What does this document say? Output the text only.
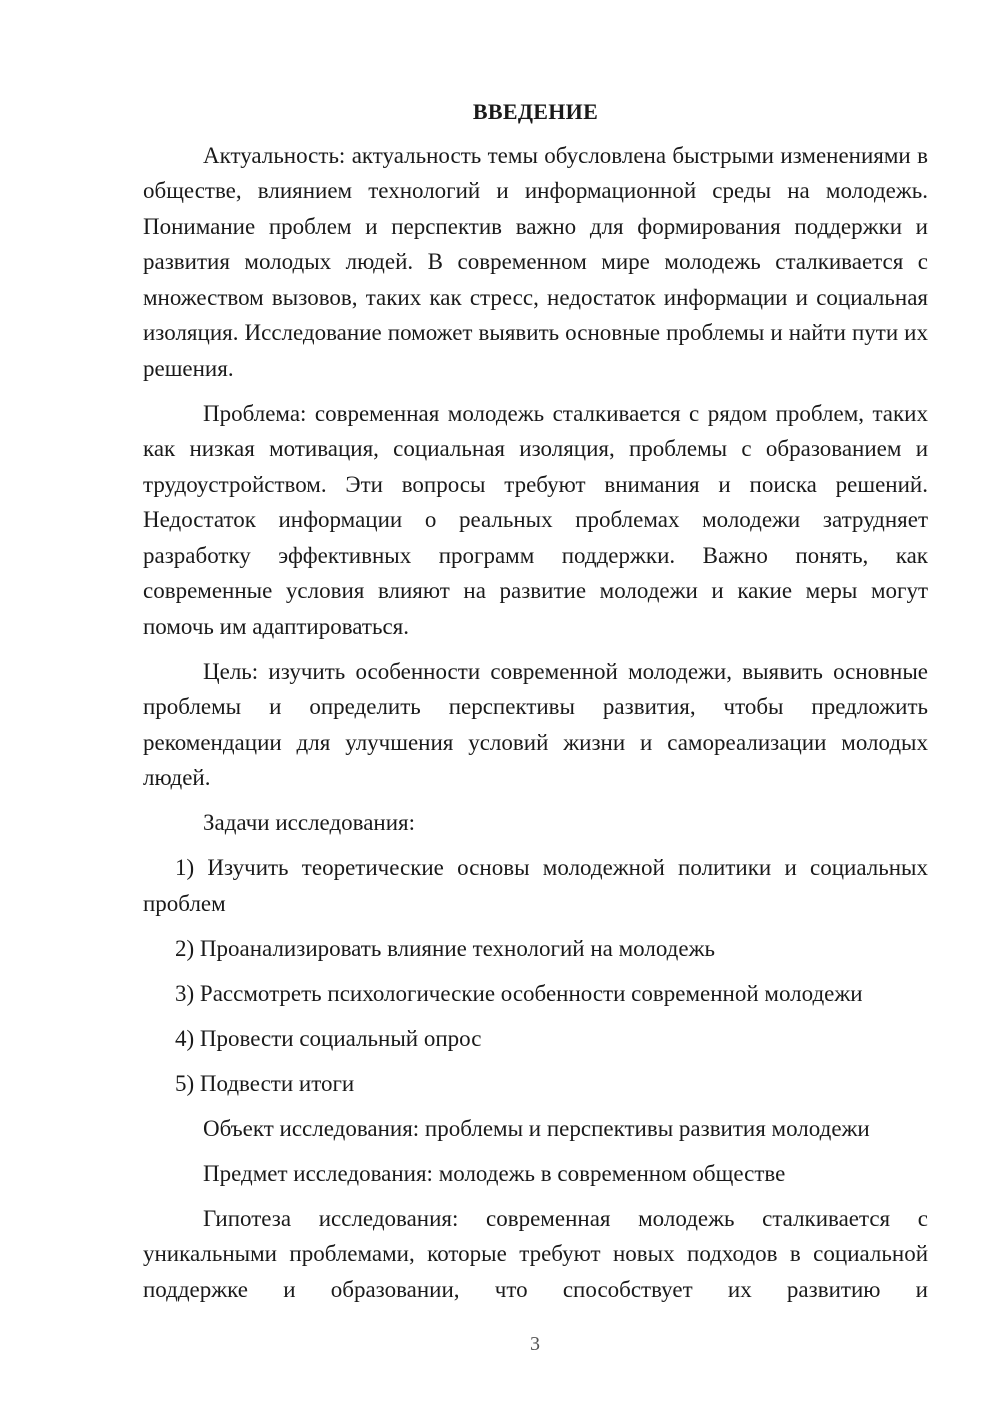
ВВЕДЕНИЕ
Актуальность: актуальность темы обусловлена быстрыми изменениями в обществе, влиянием технологий и информационной среды на молодежь. Понимание проблем и перспектив важно для формирования поддержки и развития молодых людей. В современном мире молодежь сталкивается с множеством вызовов, таких как стресс, недостаток информации и социальная изоляция. Исследование поможет выявить основные проблемы и найти пути их решения.
Проблема: современная молодежь сталкивается с рядом проблем, таких как низкая мотивация, социальная изоляция, проблемы с образованием и трудоустройством. Эти вопросы требуют внимания и поиска решений. Недостаток информации о реальных проблемах молодежи затрудняет разработку эффективных программ поддержки. Важно понять, как современные условия влияют на развитие молодежи и какие меры могут помочь им адаптироваться.
Цель: изучить особенности современной молодежи, выявить основные проблемы и определить перспективы развития, чтобы предложить рекомендации для улучшения условий жизни и самореализации молодых людей.
Задачи исследования:
1) Изучить теоретические основы молодежной политики и социальных проблем
2) Проанализировать влияние технологий на молодежь
3) Рассмотреть психологические особенности современной молодежи
4) Провести социальный опрос
5) Подвести итоги
Объект исследования: проблемы и перспективы развития молодежи
Предмет исследования: молодежь в современном обществе
Гипотеза исследования: современная молодежь сталкивается с уникальными проблемами, которые требуют новых подходов в социальной поддержке и образовании, что способствует их развитию и
3
